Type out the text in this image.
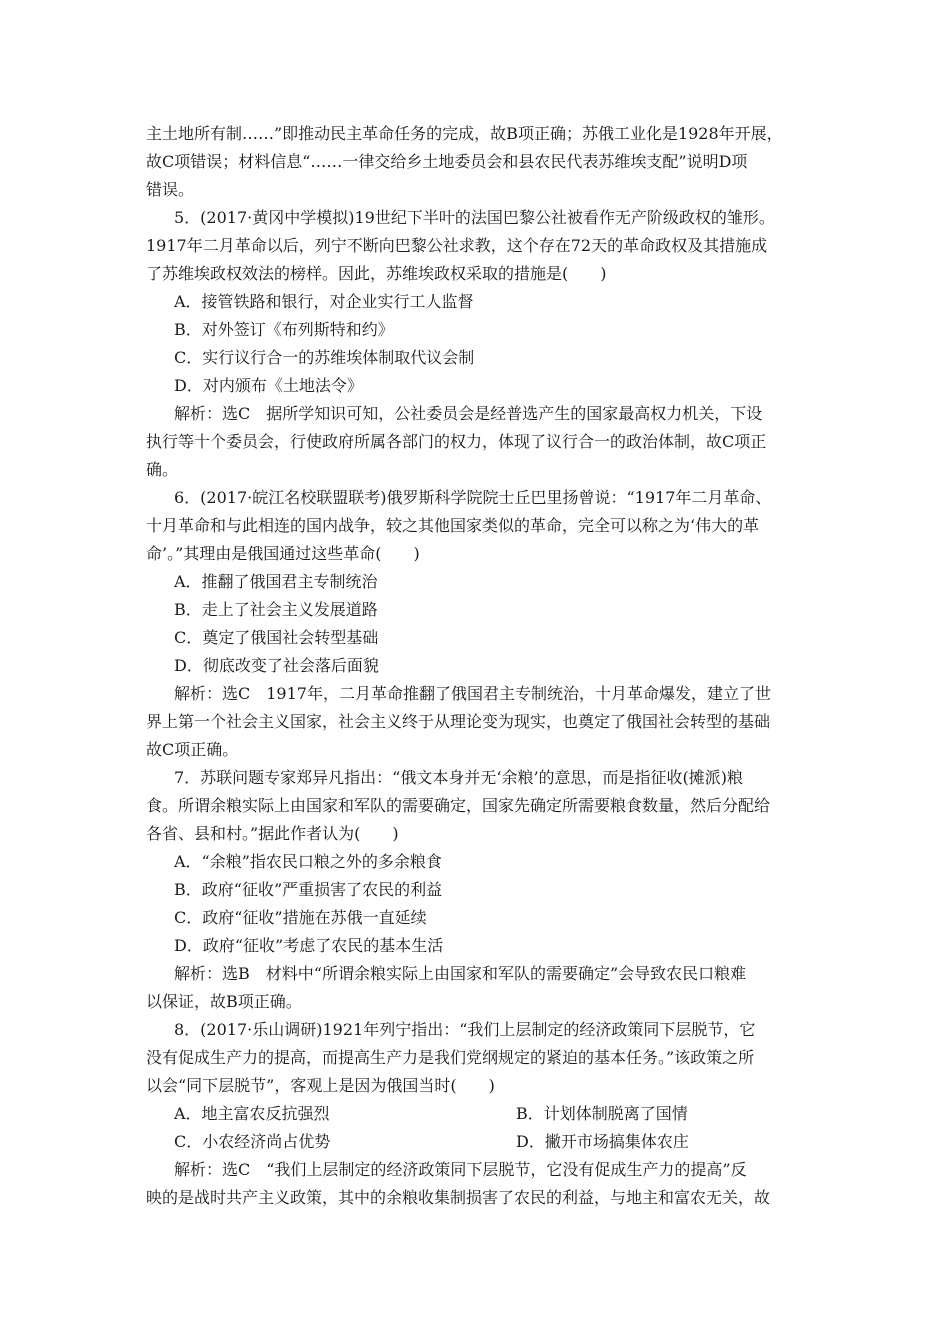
主土地所有制……”即推动民主革命任务的完成，故B项正确；苏俄工业化是1928年开展，
故C项错误；材料信息“……一律交给乡土地委员会和县农民代表苏维埃支配”说明D项
错误。
5．(2017·黄冈中学模拟)19世纪下半叶的法国巴黎公社被看作无产阶级政权的雏形。
1917年二月革命以后，列宁不断向巴黎公社求教，这个存在72天的革命政权及其措施成
了苏维埃政权效法的榜样。因此，苏维埃政权采取的措施是(　　)
A．接管铁路和银行，对企业实行工人监督
B．对外签订《布列斯特和约》
C．实行议行合一的苏维埃体制取代议会制
D．对内颁布《土地法令》
解析：选C　据所学知识可知，公社委员会是经普选产生的国家最高权力机关，下设
执行等十个委员会，行使政府所属各部门的权力，体现了议行合一的政治体制，故C项正
确。
6．(2017·皖江名校联盟联考)俄罗斯科学院院士丘巴里扬曾说：“1917年二月革命、
十月革命和与此相连的国内战争，较之其他国家类似的革命，完全可以称之为‘伟大的革
命’。”其理由是俄国通过这些革命(　　)
A．推翻了俄国君主专制统治
B．走上了社会主义发展道路
C．奠定了俄国社会转型基础
D．彻底改变了社会落后面貌
解析：选C　1917年，二月革命推翻了俄国君主专制统治，十月革命爆发，建立了世
界上第一个社会主义国家，社会主义终于从理论变为现实，也奠定了俄国社会转型的基础
故C项正确。
7．苏联问题专家郑异凡指出：“俄文本身并无‘余粮’的意思，而是指征收(摊派)粮
食。所谓余粮实际上由国家和军队的需要确定，国家先确定所需要粮食数量，然后分配给
各省、县和村。”据此作者认为(　　)
A．“余粮”指农民口粮之外的多余粮食
B．政府“征收”严重损害了农民的利益
C．政府“征收”措施在苏俄一直延续
D．政府“征收”考虑了农民的基本生活
解析：选B　材料中“所谓余粮实际上由国家和军队的需要确定”会导致农民口粮难
以保证，故B项正确。
8．(2017·乐山调研)1921年列宁指出：“我们上层制定的经济政策同下层脱节，它
没有促成生产力的提高，而提高生产力是我们党纲规定的紧迫的基本任务。”该政策之所
以会“同下层脱节”，客观上是因为俄国当时(　　)
A．地主富农反抗强烈	B．计划体制脱离了国情
C．小农经济尚占优势	D．撇开市场搞集体农庄
解析：选C　“我们上层制定的经济政策同下层脱节，它没有促成生产力的提高”反
映的是战时共产主义政策，其中的余粮收集制损害了农民的利益，与地主和富农无关，故
